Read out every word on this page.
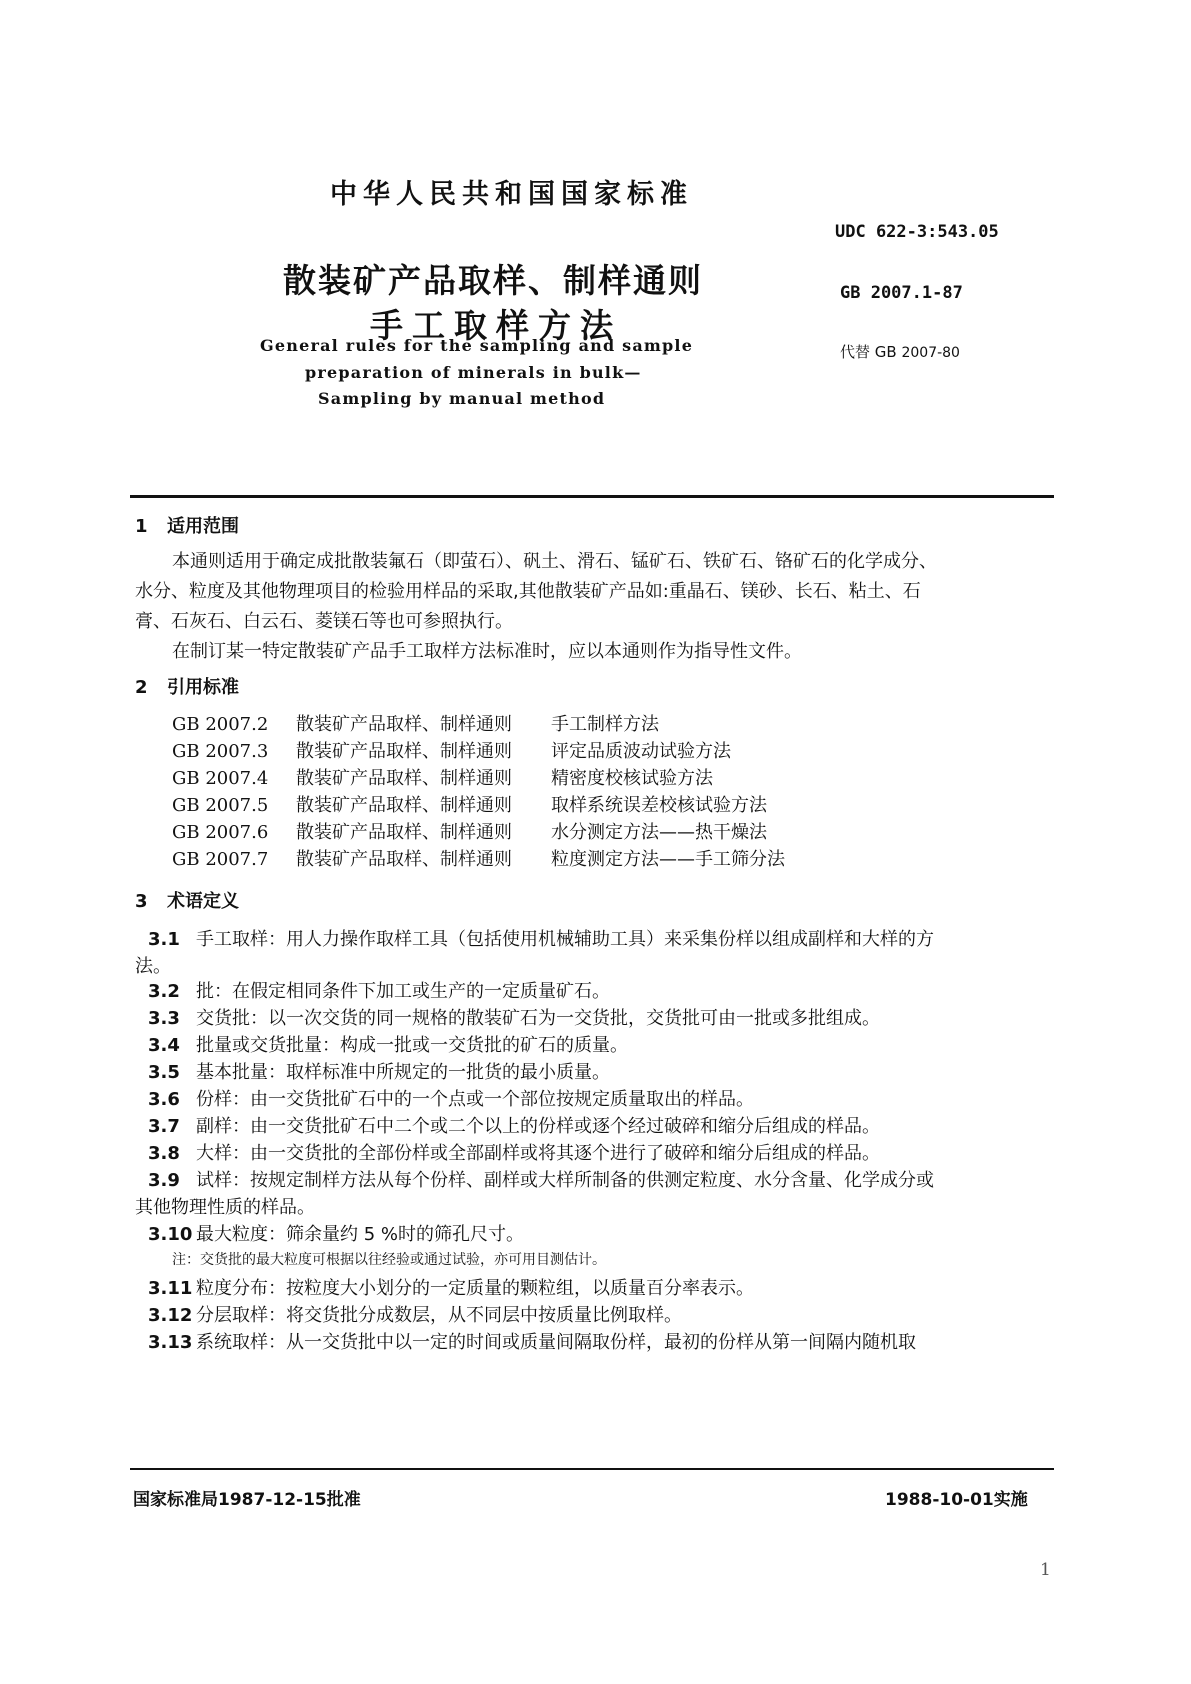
中华人民共和国国家标准
UDC 622-3:543.05
散装矿产品取样、制样通则	GB 2007.1-87
手工取样方法
代替 GB 2007-80
General rules for the sampling and sample
preparation of minerals in bulk—
Sampling by manual method
1 适用范围
本通则适用于确定成批散装氟石（即萤石）、矾土、滑石、锰矿石、铁矿石、铬矿石的化学成分、
水分、粒度及其他物理项目的检验用样品的采取,其他散装矿产品如:重晶石、镁砂、长石、粘土、石
膏、石灰石、白云石、菱镁石等也可参照执行。
在制订某一特定散装矿产品手工取样方法标准时，应以本通则作为指导性文件。
2 引用标准
GB 2007.2 散装矿产品取样、制样通则 手工制样方法
GB 2007.3 散装矿产品取样、制样通则 评定品质波动试验方法
GB 2007.4 散装矿产品取样、制样通则 精密度校核试验方法
GB 2007.5 散装矿产品取样、制样通则 取样系统误差校核试验方法
GB 2007.6 散装矿产品取样、制样通则 水分测定方法——热干燥法
GB 2007.7 散装矿产品取样、制样通则 粒度测定方法——手工筛分法
3 术语定义
3.1 手工取样：用人力操作取样工具（包括使用机械辅助工具）来采集份样以组成副样和大样的方
法。
3.2 批：在假定相同条件下加工或生产的一定质量矿石。
3.3 交货批：以一次交货的同一规格的散装矿石为一交货批，交货批可由一批或多批组成。
3.4 批量或交货批量：构成一批或一交货批的矿石的质量。
3.5 基本批量：取样标准中所规定的一批货的最小质量。
3.6 份样：由一交货批矿石中的一个点或一个部位按规定质量取出的样品。
3.7 副样：由一交货批矿石中二个或二个以上的份样或逐个经过破碎和缩分后组成的样品。
3.8 大样：由一交货批的全部份样或全部副样或将其逐个进行了破碎和缩分后组成的样品。
3.9 试样：按规定制样方法从每个份样、副样或大样所制备的供测定粒度、水分含量、化学成分或
其他物理性质的样品。
3.10 最大粒度：筛余量约 5 %时的筛孔尺寸。
注：交货批的最大粒度可根据以往经验或通过试验，亦可用目测估计。
3.11 粒度分布：按粒度大小划分的一定质量的颗粒组，以质量百分率表示。
3.12 分层取样：将交货批分成数层，从不同层中按质量比例取样。
3.13 系统取样：从一交货批中以一定的时间或质量间隔取份样，最初的份样从第一间隔内随机取
国家标准局1987-12-15批准	1988-10-01实施
1
